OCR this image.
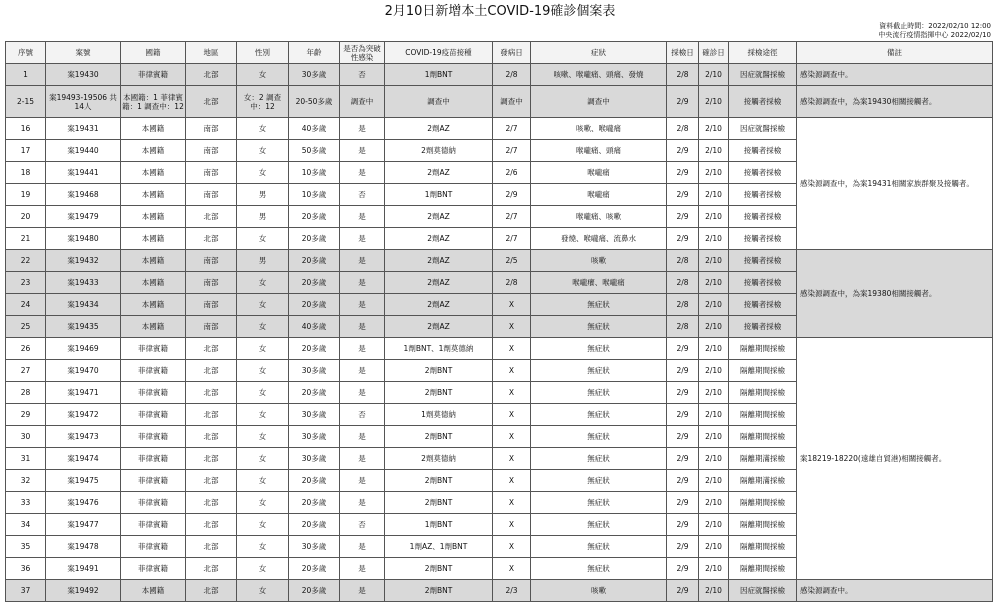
2月10日新增本土COVID-19確診個案表
資料截止時間：2022/02/10 12:00
中央流行疫情指揮中心 2022/02/10
序號	案號	國籍	地區	性別	年齡	是否為突破性感染	COVID-19疫苗接種	發病日	症狀	採檢日	確診日	採檢途徑	備註
1	案19430	菲律賓籍	北部	女	30多歲	否	1劑BNT	2/8	咳嗽、喉嚨痛、頭痛、發燒	2/8	2/10	因症就醫採檢	感染源調查中。
2-15	案19493-19506 共14人	本國籍：1 菲律賓籍：1 調查中：12	北部	女：2 調查中：12	20-50多歲	調查中	調查中	調查中	調查中	2/9	2/10	接觸者採檢	感染源調查中，為案19430相關接觸者。
16	案19431	本國籍	南部	女	40多歲	是	2劑AZ	2/7	咳嗽、喉嚨痛	2/8	2/10	因症就醫採檢	感染源調查中，為案19431相關家族群聚及接觸者。
17	案19440	本國籍	南部	女	50多歲	是	2劑莫德納	2/7	喉嚨痛、頭痛	2/9	2/10	接觸者採檢	
18	案19441	本國籍	南部	女	10多歲	是	2劑AZ	2/6	喉嚨痛	2/9	2/10	接觸者採檢	
19	案19468	本國籍	南部	男	10多歲	否	1劑BNT	2/9	喉嚨痛	2/9	2/10	接觸者採檢	
20	案19479	本國籍	北部	男	20多歲	是	2劑AZ	2/7	喉嚨痛、咳嗽	2/9	2/10	接觸者採檢	
21	案19480	本國籍	北部	女	20多歲	是	2劑AZ	2/7	發燒、喉嚨痛、流鼻水	2/9	2/10	接觸者採檢	
22	案19432	本國籍	南部	男	20多歲	是	2劑AZ	2/5	咳嗽	2/8	2/10	接觸者採檢	感染源調查中，為案19380相關接觸者。
23	案19433	本國籍	南部	女	20多歲	是	2劑AZ	2/8	喉嚨癢、喉嚨痛	2/8	2/10	接觸者採檢	
24	案19434	本國籍	南部	女	20多歲	是	2劑AZ	X	無症狀	2/8	2/10	接觸者採檢	
25	案19435	本國籍	南部	女	40多歲	是	2劑AZ	X	無症狀	2/8	2/10	接觸者採檢	
26	案19469	菲律賓籍	北部	女	20多歲	是	1劑BNT、1劑莫德納	X	無症狀	2/9	2/10	隔離期間採檢	案18219-18220(遠雄自貿港)相關接觸者。
27	案19470	菲律賓籍	北部	女	30多歲	是	2劑BNT	X	無症狀	2/9	2/10	隔離期間採檢	
28	案19471	菲律賓籍	北部	女	20多歲	是	2劑BNT	X	無症狀	2/9	2/10	隔離期間採檢	
29	案19472	菲律賓籍	北部	女	30多歲	否	1劑莫德納	X	無症狀	2/9	2/10	隔離期間採檢	
30	案19473	菲律賓籍	北部	女	30多歲	是	2劑BNT	X	無症狀	2/9	2/10	隔離期間採檢	
31	案19474	菲律賓籍	北部	女	30多歲	是	2劑莫德納	X	無症狀	2/9	2/10	隔離期滿採檢	
32	案19475	菲律賓籍	北部	女	20多歲	是	2劑BNT	X	無症狀	2/9	2/10	隔離期滿採檢	
33	案19476	菲律賓籍	北部	女	20多歲	是	2劑BNT	X	無症狀	2/9	2/10	隔離期間採檢	
34	案19477	菲律賓籍	北部	女	20多歲	否	1劑BNT	X	無症狀	2/9	2/10	隔離期間採檢	
35	案19478	菲律賓籍	北部	女	30多歲	是	1劑AZ、1劑BNT	X	無症狀	2/9	2/10	隔離期間採檢	
36	案19491	菲律賓籍	北部	女	20多歲	是	2劑BNT	X	無症狀	2/9	2/10	隔離期間採檢	
37	案19492	本國籍	北部	女	20多歲	是	2劑BNT	2/3	咳嗽	2/9	2/10	因症就醫採檢	感染源調查中。
